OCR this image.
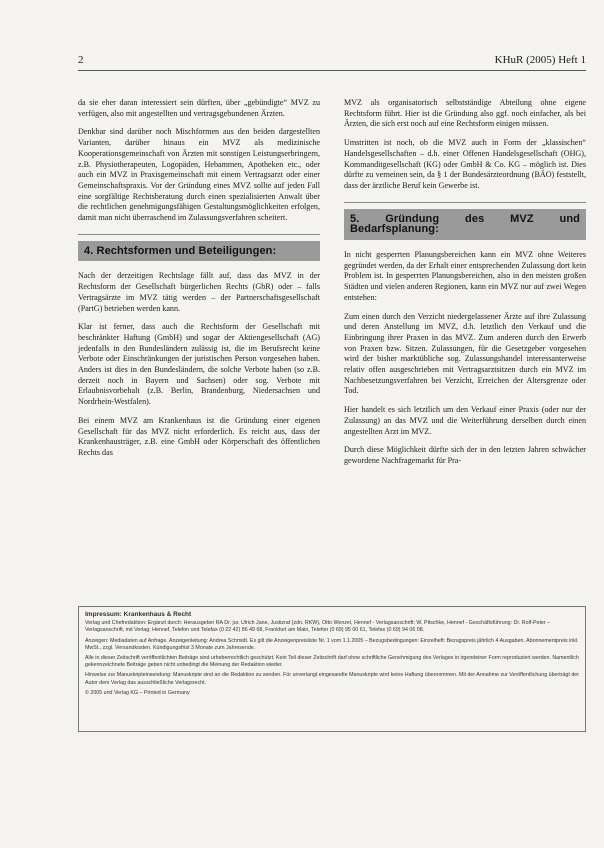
2	KHuR (2005) Heft 1

da sie eher daran interessiert sein dürften, über „gebündigte“ MVZ zu verfügen, also mit angestellten und vertragsgebundenen Ärzten.

Denkbar sind darüber noch Mischformen aus den beiden dargestellten Varianten, darüber hinaus ein MVZ als medizinische Kooperationsgemeinschaft von Ärzten mit sonstigen Leistungserbringern, z.B. Physiotherapeuten, Logopäden, Hebammen, Apotheken etc., oder auch ein MVZ in Praxisgemeinschaft mit einem Vertragsarzt oder einer Gemeinschaftspraxis. Vor der Gründung eines MVZ sollte auf jeden Fall eine sorgfältige Rechtsberatung durch einen spezialisierten Anwalt über die rechtlichen genehmigungsfähigen Gestaltungsmöglichkeiten erfolgen, damit man nicht überraschend im Zulassungsverfahren scheitert.

4. Rechtsformen und Beteiligungen:

Nach der derzeitigen Rechtslage fällt auf, dass das MVZ in der Rechtsform der Gesellschaft bürgerlichen Rechts (GbR) oder – falls Vertragsärzte im MVZ tätig werden – der Partnerschaftsgesellschaft (PartG) betrieben werden kann.

Klar ist ferner, dass auch die Rechtsform der Gesellschaft mit beschränkter Haftung (GmbH) und sogar der Aktiengesellschaft (AG) jedenfalls in den Bundesländern zulässig ist, die im Berufsrecht keine Verbote oder Einschränkungen der juristischen Person vorgesehen haben. Anders ist dies in den Bundesländern, die solche Verbote haben (so z.B. derzeit noch in Bayern und Sachsen) oder sog. Verbote mit Erlaubnisvorbehalt (z.B. Berlin, Brandenburg, Niedersachsen und Nordrhein-Westfalen).

Bei einem MVZ am Krankenhaus ist die Gründung einer eigenen Gesellschaft für das MVZ nicht erforderlich. Es reicht aus, dass der Krankenhausträger, z.B. eine GmbH oder Körperschaft des öffentlichen Rechts das

MVZ als organisatorisch selbstständige Abteilung ohne eigene Rechtsform führt. Hier ist die Gründung also ggf. noch einfacher, als bei Ärzten, die sich erst noch auf eine Rechtsform einigen müssen.

Umstritten ist noch, ob die MVZ auch in Form der „klassischen“ Handelsgesellschaften – d.h. einer Offenen Handelsgesellschaft (OHG), Kommanditgesellschaft (KG) oder GmbH & Co. KG – möglich ist. Dies dürfte zu verneinen sein, da § 1 der Bundesärzteordnung (BÄO) feststellt, dass der ärztliche Beruf kein Gewerbe ist.

5. Gründung des MVZ und Bedarfsplanung:

In nicht gesperrten Planungsbereichen kann ein MVZ ohne Weiteres gegründet werden, da der Erhalt einer entsprechenden Zulassung dort kein Problem ist. In gesperrten Planungsbereichen, also in den meisten großen Städten und vielen anderen Regionen, kann ein MVZ nur auf zwei Wegen entstehen:

Zum einen durch den Verzicht niedergelassener Ärzte auf ihre Zulassung und deren Anstellung im MVZ, d.h. letztlich den Verkauf und die Einbringung ihrer Praxen in das MVZ. Zum anderen durch den Erwerb von Praxen bzw. Sitzen. Zulassungen, für die Gesetzgeber vorgesehen wird der bisher marktübliche sog. Zulassungshandel interessanterweise relativ offen ausgeschrieben mit Vertragsarztsitzen durch ein MVZ im Nachbesetzungsverfahren bei Verzicht, Erreichen der Altersgrenze oder Tod.

Hier handelt es sich letztlich um den Verkauf einer Praxis (oder nur der Zulassung) an das MVZ und die Weiterführung derselben durch einen angestellten Arzt im MVZ.

Durch diese Möglichkeit dürfte sich der in den letzten Jahren schwächer gewordene Nachfragemarkt für Pra-

Impressum: Krankenhaus & Recht

Verlag und Chefredaktion: Ergänzt durch: Herausgeber RA Dr. jur. Ulrich Jane, Justizrat (zdn. RKW), Otto Wenzel, Hennef - Verlagsanschrift: W. Pitschke, Hennef - Geschäftsführung: Dr. Rolf-Peter – Verlagsanschrift, mit Verlag: Hennef, Telefon und Telefax (0 22 42) 86 49 68, Frankfurt am Main, Telefon (0 69) 95 00 61, Telefax (0 69) 94 06 08.

Anzeigen: Mediadaten auf Anfrage. Anzeigenleitung: Andrea Schmidt. Es gilt die Anzeigenpreisliste Nr. 1 vom 1.1.2005 – Bezugsbedingungen: Einzelheft: Bezugspreis jährlich 4 Ausgaben. Abonnementpreis inkl. MwSt., zzgl. Versandkosten. Kündigungsfrist 3 Monate zum Jahresende.

Alle in dieser Zeitschrift veröffentlichten Beiträge sind urheberrechtlich geschützt. Kein Teil dieser Zeitschrift darf ohne schriftliche Genehmigung des Verlages in irgendeiner Form reproduziert werden. Namentlich gekennzeichnete Beiträge geben nicht unbedingt die Meinung der Redaktion wieder.

Hinweise zur Manuskripteinsendung: Manuskripte sind an die Redaktion zu senden. Für unverlangt eingesandte Manuskripte wird keine Haftung übernommen. Mit der Annahme zur Veröffentlichung überträgt der Autor dem Verlag das ausschließliche Verlagsrecht.

© 2005 und Verlag KG – Printed in Germany
